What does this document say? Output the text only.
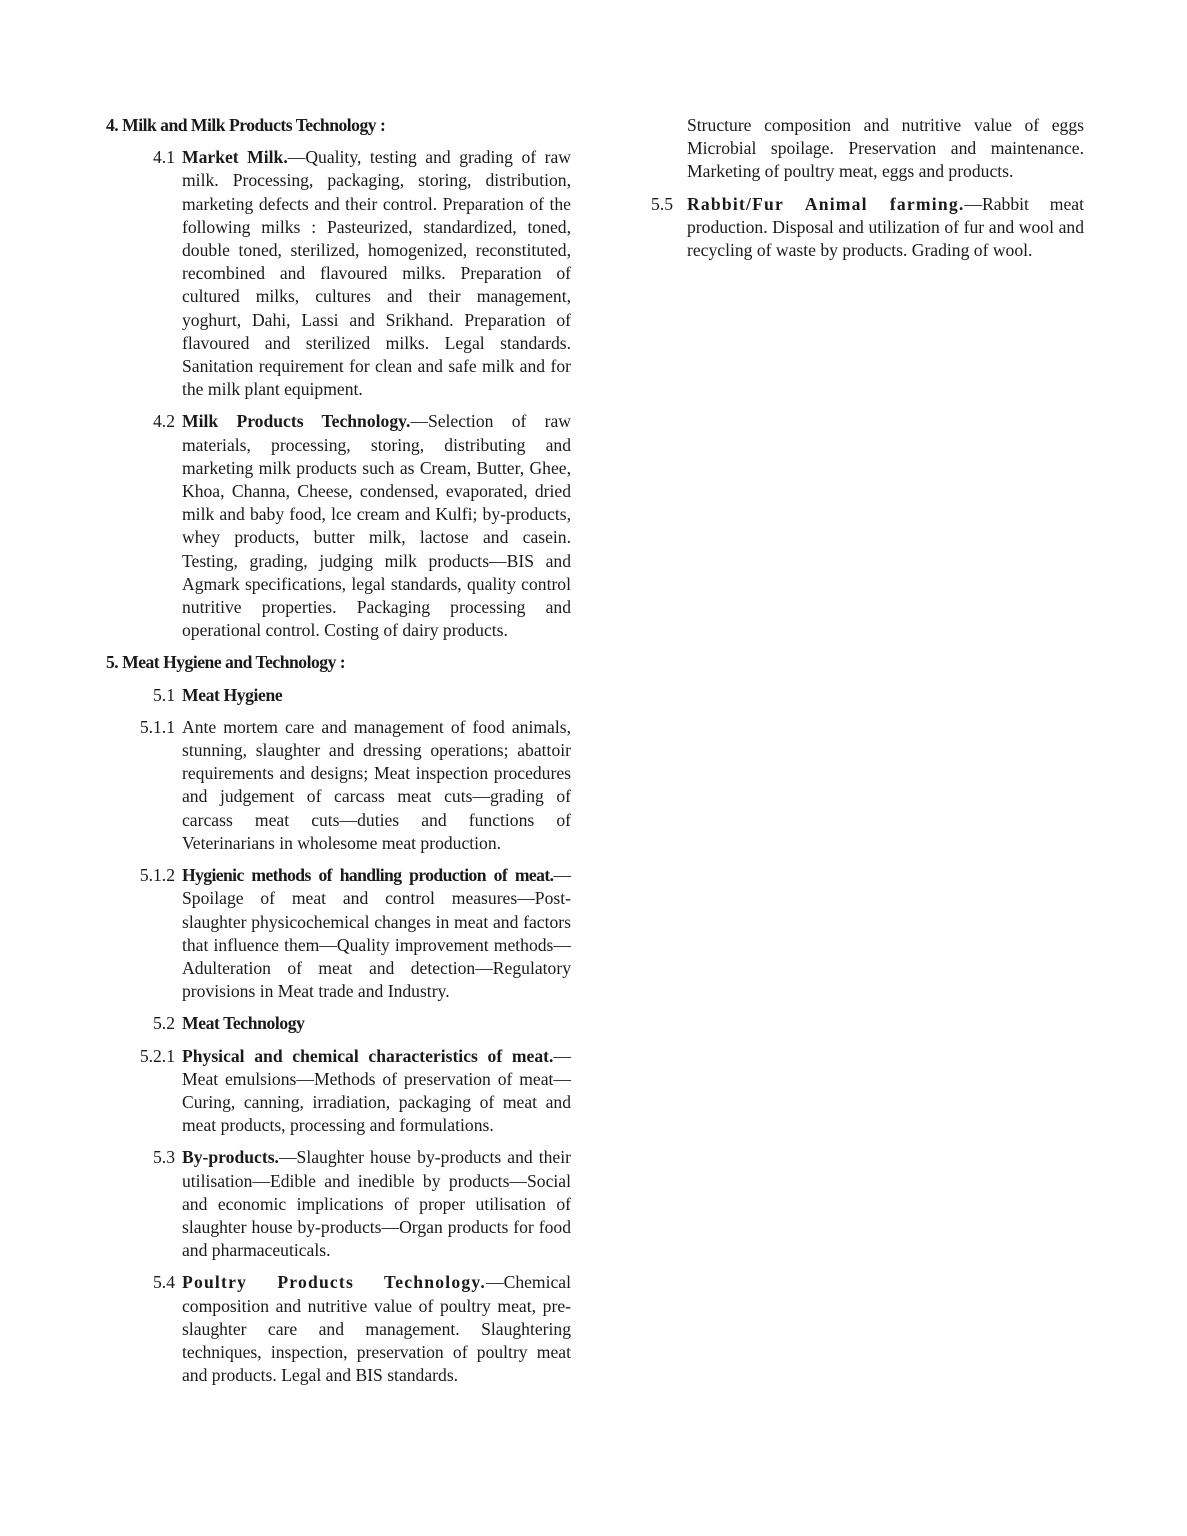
4. Milk and Milk Products Technology :
4.1 Market Milk.—Quality, testing and grading of raw milk. Processing, packaging, storing, distribution, marketing defects and their control. Preparation of the following milks : Pasteurized, standardized, toned, double toned, sterilized, homogenized, reconstituted, recombined and flavoured milks. Preparation of cultured milks, cultures and their management, yoghurt, Dahi, Lassi and Srikhand. Preparation of flavoured and sterilized milks. Legal standards. Sanitation requirement for clean and safe milk and for the milk plant equipment.
4.2 Milk Products Technology.—Selection of raw materials, processing, storing, distributing and marketing milk products such as Cream, Butter, Ghee, Khoa, Channa, Cheese, condensed, evaporated, dried milk and baby food, lce cream and Kulfi; by-products, whey products, butter milk, lactose and casein. Testing, grading, judging milk products—BIS and Agmark specifications, legal standards, quality control nutritive properties. Packaging processing and operational control. Costing of dairy products.
5. Meat Hygiene and Technology :
5.1 Meat Hygiene
5.1.1 Ante mortem care and management of food animals, stunning, slaughter and dressing operations; abattoir requirements and designs; Meat inspection procedures and judgement of carcass meat cuts—grading of carcass meat cuts—duties and functions of Veterinarians in wholesome meat production.
5.1.2 Hygienic methods of handling production of meat.—Spoilage of meat and control measures—Post-slaughter physicochemical changes in meat and factors that influence them—Quality improvement methods—Adulteration of meat and detection—Regulatory provisions in Meat trade and Industry.
5.2 Meat Technology
5.2.1 Physical and chemical characteristics of meat.—Meat emulsions—Methods of preservation of meat—Curing, canning, irradiation, packaging of meat and meat products, processing and formulations.
5.3 By-products.—Slaughter house by-products and their utilisation—Edible and inedible by products—Social and economic implications of proper utilisation of slaughter house by-products—Organ products for food and pharmaceuticals.
5.4 Poultry Products Technology.—Chemical composition and nutritive value of poultry meat, pre-slaughter care and management. Slaughtering techniques, inspection, preservation of poultry meat and products. Legal and BIS standards.
Structure composition and nutritive value of eggs Microbial spoilage. Preservation and maintenance. Marketing of poultry meat, eggs and products.
5.5 Rabbit/Fur Animal farming.—Rabbit meat production. Disposal and utilization of fur and wool and recycling of waste by products. Grading of wool.
